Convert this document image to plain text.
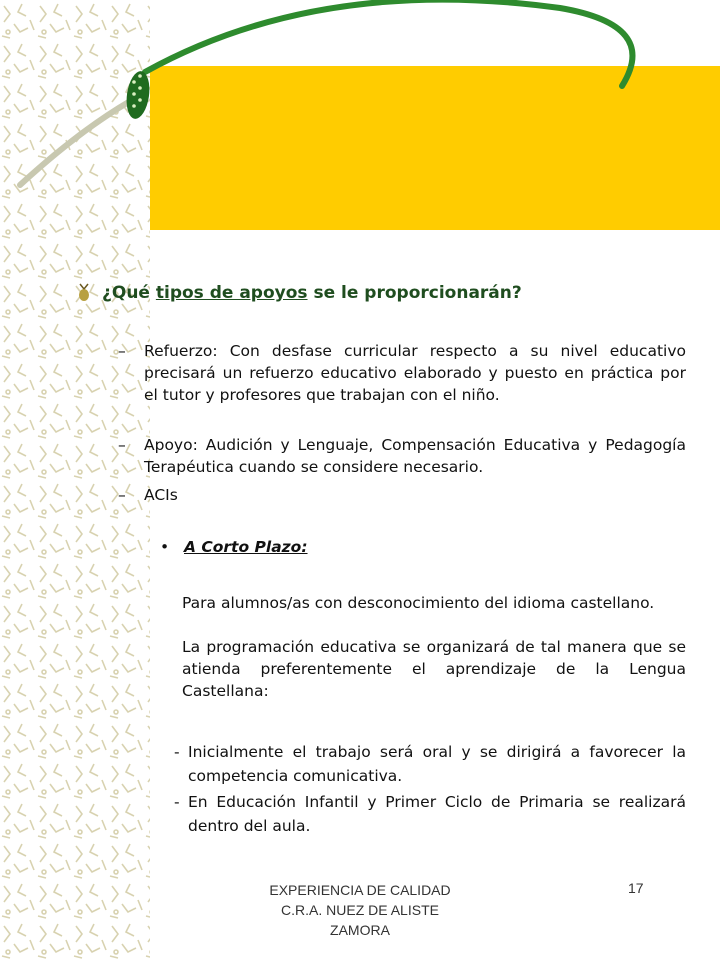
¿Qué tipos de apoyos se le proporcionarán?
– Refuerzo: Con desfase curricular respecto a su nivel educativo precisará un refuerzo educativo elaborado y puesto en práctica por el tutor y profesores que trabajan con el niño.
– Apoyo: Audición y Lenguaje, Compensación Educativa y Pedagogía Terapéutica cuando se considere necesario.
– ACIs
• A Corto Plazo:
Para alumnos/as con desconocimiento del idioma castellano.
La programación educativa se organizará de tal manera que se atienda preferentemente el aprendizaje de la Lengua Castellana:
- Inicialmente el trabajo será oral y se dirigirá a favorecer la competencia comunicativa.
- En Educación Infantil y Primer Ciclo de Primaria se realizará dentro del aula.
EXPERIENCIA DE CALIDAD
C.R.A. NUEZ DE ALISTE
ZAMORA
17
